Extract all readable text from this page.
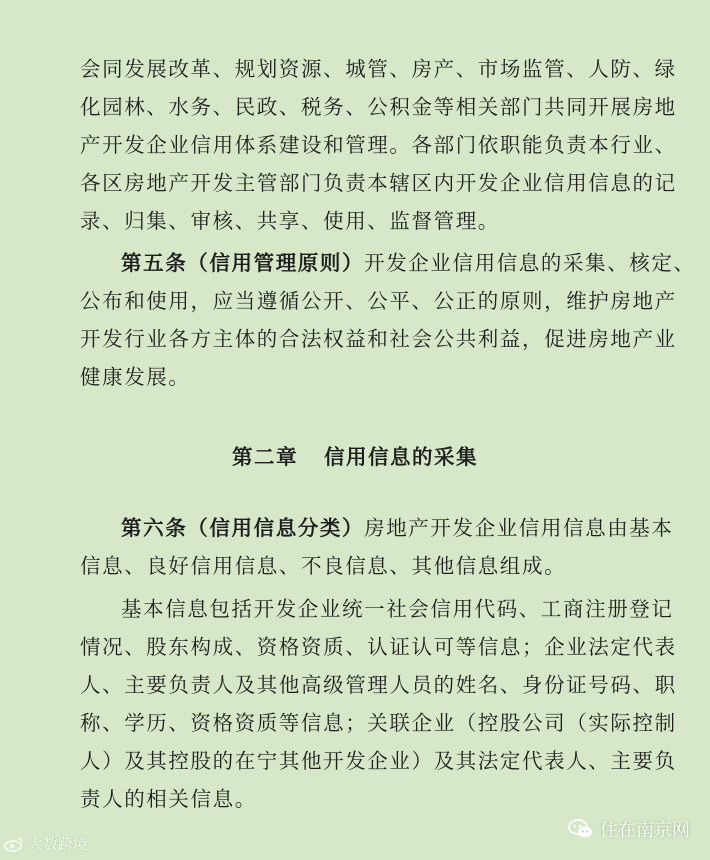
会同发展改革、规划资源、城管、房产、市场监管、人防、绿
化园林、水务、民政、税务、公积金等相关部门共同开展房地
产开发企业信用体系建设和管理。各部门依职能负责本行业、
各区房地产开发主管部门负责本辖区内开发企业信用信息的记
录、归集、审核、共享、使用、监督管理。
第五条（信用管理原则）开发企业信用信息的采集、核定、
公布和使用，应当遵循公开、公平、公正的原则，维护房地产
开发行业各方主体的合法权益和社会公共利益，促进房地产业
健康发展。
第二章 信用信息的采集
第六条（信用信息分类）房地产开发企业信用信息由基本
信息、良好信用信息、不良信息、其他信息组成。
基本信息包括开发企业统一社会信用代码、工商注册登记
情况、股东构成、资格资质、认证认可等信息；企业法定代表
人、主要负责人及其他高级管理人员的姓名、身份证号码、职
称、学历、资格资质等信息；关联企业（控股公司（实际控制
人）及其控股的在宁其他开发企业）及其法定代表人、主要负
责人的相关信息。
大数跨境
住在南京网
